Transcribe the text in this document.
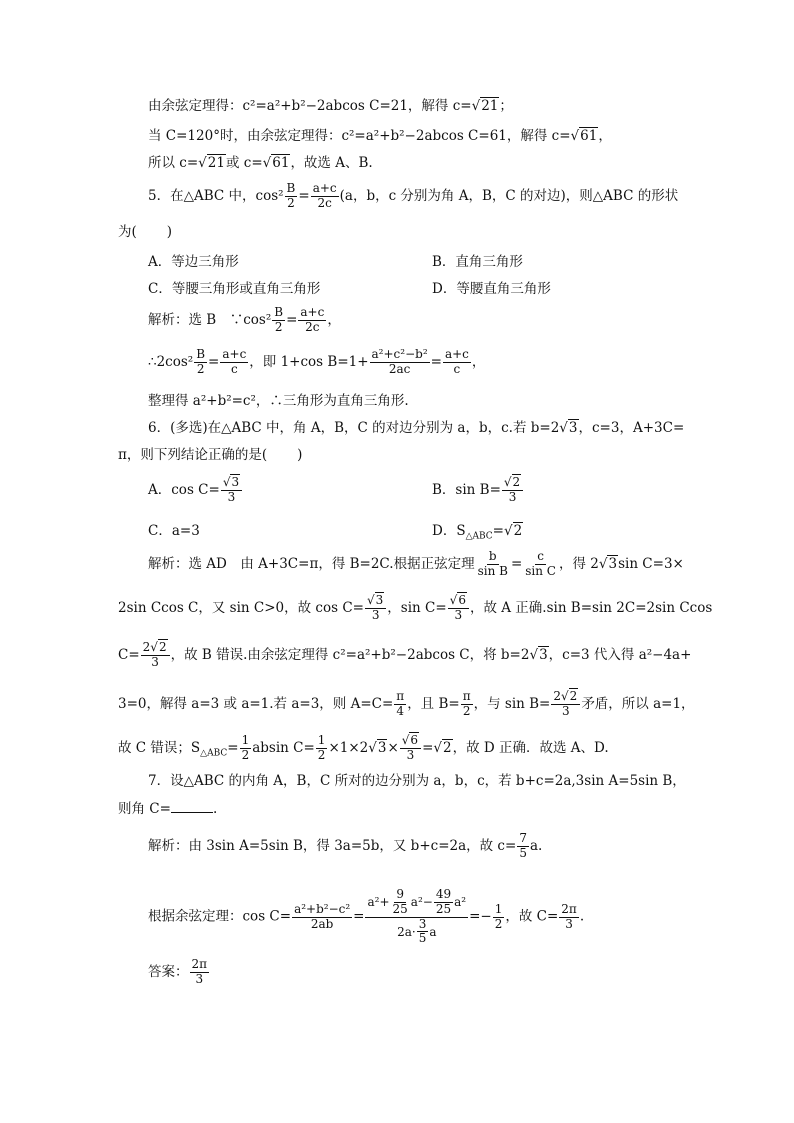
由余弦定理得：c²=a²+b²−2abcos C=21，解得 c=√ 21；
当 C=120°时，由余弦定理得：c²=a²+b²−2abcos C=61，解得 c=√ 61，
所以 c=√ 21或 c=√ 61，故选 A、B.
5．在△ABC 中，$\cos^2 \frac{B}{2} = \frac{a+c}{2c} (a$，b，c 分别为角 A，B，C 的对边)，则△ABC 的形状
为( )
A．等边三角形	B．直角三角形
C．等腰三角形或直角三角形	D．等腰直角三角形
解析：选 B　∵cos² $\frac{B}{2} = \frac{a+c}{2c}$ ，
∴2cos² $\frac{B}{2} = \frac{a+c}{c}$ ，即 1+cos $B=1+ \frac{\text{a²+c²−b²}}{2ac} = \frac{a+c}{c}$ ，
整理得 a²+b²=c²，∴三角形为直角三角形.
6．(多选)在△ABC 中，角 A，B，C 的对边分别为 a，b，c.若 b=2√ 3，c=3，A+3C=
π，则下列结论正确的是( )
A．cos C=
√ $\frac{3}{3}$	B．sin B=
√ $\frac{2}{3}$
C．a=3	D．$S_{\triangle ABC}=√$ 2
解析：选 AD　由 A+3C=π，得 B=2C.根据正弦定理 $\frac{b}{\text{sin B}} = \frac{c}{\text{sin C}}$ ，得 2√ 3sin C=3×
2sin Ccos C，又 sin C>0，故 cos C=
√ $\frac{3}{3}$ ，sin C=
√ $\frac{6}{3}$ ，故 A 正确.sin B=sin 2C=2sin Ccos
$C= \frac{2√ 2}{3}$ ，故 B 错误.由余弦定理得 c²=a²+b²−2abcos C，将 b=2√ 3，c=3 代入得 a²−4a+
3=0，解得 a=3 或 a=1.若 a=3，则 $A=C= \frac{\pi}{4}$ ，且 $B= \frac{\pi}{2}$ ，与 $\sin B= \frac{2√ 2}{3}$ 矛盾，所以 a=1，
故 C 错误；$S_{\triangle ABC}= \frac{1}{2}$ absin $C= \frac{1}{2} \times 1\times 2√$ 3×
√ $\frac{6}{3}$ =√ 2，故 D 正确．故选 A、D.
7．设△ABC 的内角 A，B，C 所对的边分别为 a，b，c，若 b+c=2a,3sin A=5sin B，
则角 C=	.
解析：由 3sin A=5sin B，得 3a=5b，又 b+c=2a，故 $c= \frac{7}{5} a$.
根据余弦定理：$\cos C= \frac{\text{a²+b²−c²}}{2ab} = \frac{a^2+ \frac{9}{25} a^2- \frac{49}{25} a^2}{2a\cdot \frac{3}{5} a} =- \frac{1}{2}$ ，故 $C= \frac{2\pi}{3}$ .
答案： $\frac{2\pi}{3}$
